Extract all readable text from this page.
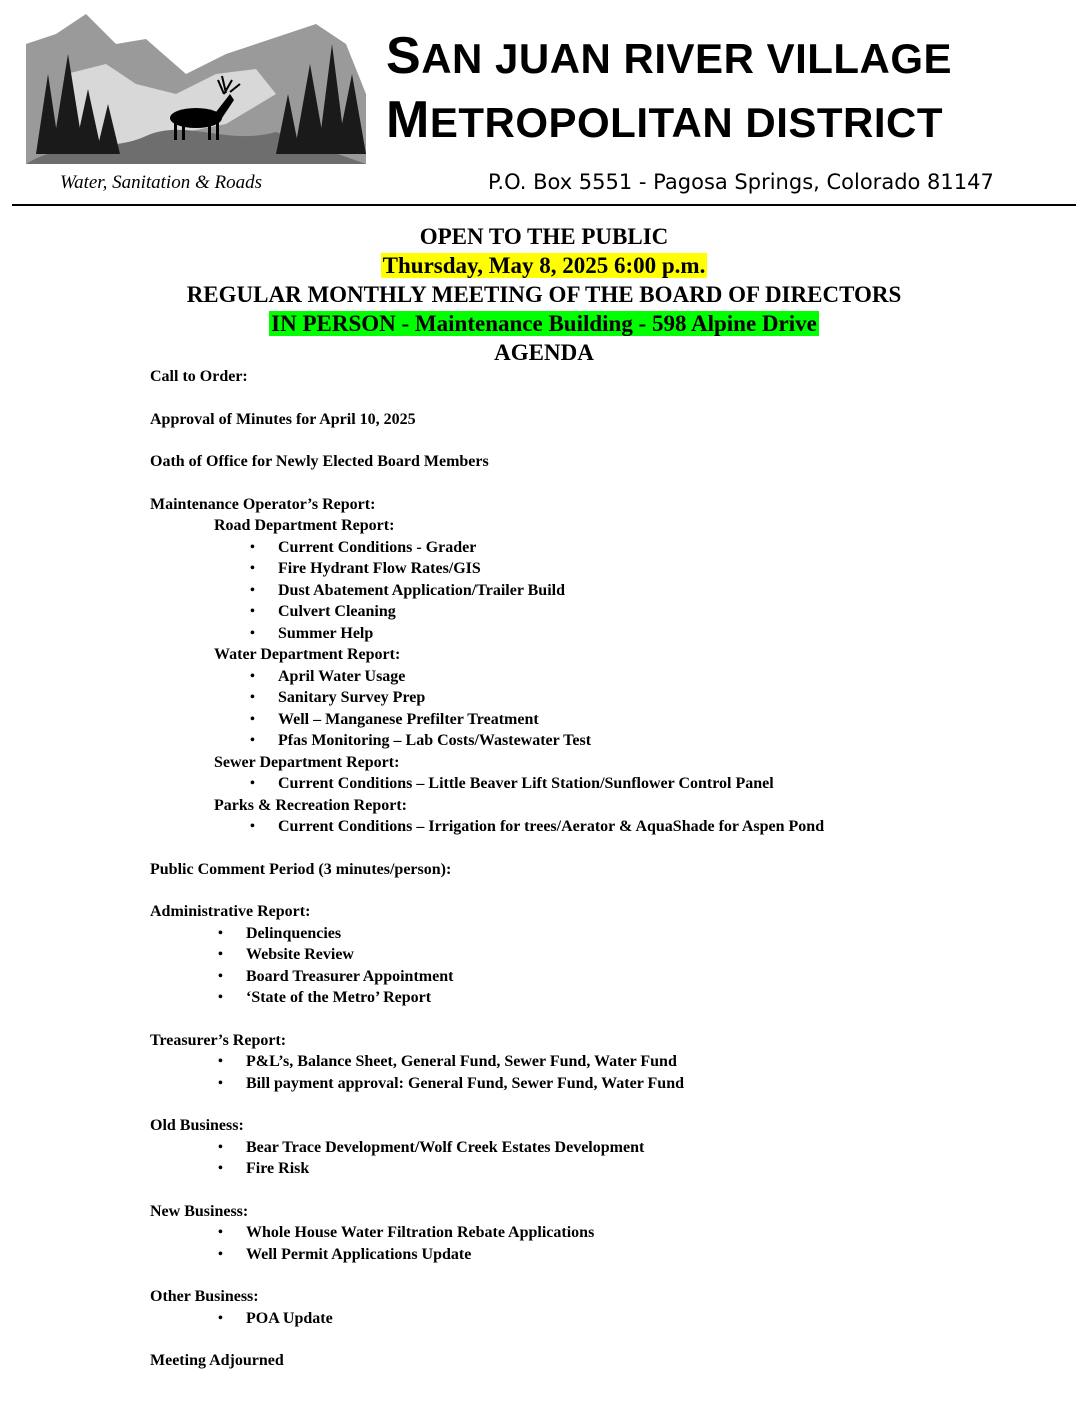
Water, Sanitation & Roads
SAN JUAN RIVER VILLAGE
METROPOLITAN DISTRICT
P.O. Box 5551 - Pagosa Springs, Colorado 81147
OPEN TO THE PUBLIC
Thursday, May 8, 2025 6:00 p.m.
REGULAR MONTHLY MEETING OF THE BOARD OF DIRECTORS
IN PERSON - Maintenance Building - 598 Alpine Drive
AGENDA
Call to Order:
Approval of Minutes for April 10, 2025
Oath of Office for Newly Elected Board Members
Maintenance Operator’s Report:
Road Department Report:
• Current Conditions - Grader
• Fire Hydrant Flow Rates/GIS
• Dust Abatement Application/Trailer Build
• Culvert Cleaning
• Summer Help
Water Department Report:
• April Water Usage
• Sanitary Survey Prep
• Well – Manganese Prefilter Treatment
• Pfas Monitoring – Lab Costs/Wastewater Test
Sewer Department Report:
• Current Conditions – Little Beaver Lift Station/Sunflower Control Panel
Parks & Recreation Report:
• Current Conditions – Irrigation for trees/Aerator & AquaShade for Aspen Pond
Public Comment Period (3 minutes/person):
Administrative Report:
• Delinquencies
• Website Review
• Board Treasurer Appointment
• ‘State of the Metro’ Report
Treasurer’s Report:
• P&L’s, Balance Sheet, General Fund, Sewer Fund, Water Fund
• Bill payment approval: General Fund, Sewer Fund, Water Fund
Old Business:
• Bear Trace Development/Wolf Creek Estates Development
• Fire Risk
New Business:
• Whole House Water Filtration Rebate Applications
• Well Permit Applications Update
Other Business:
• POA Update
Meeting Adjourned
